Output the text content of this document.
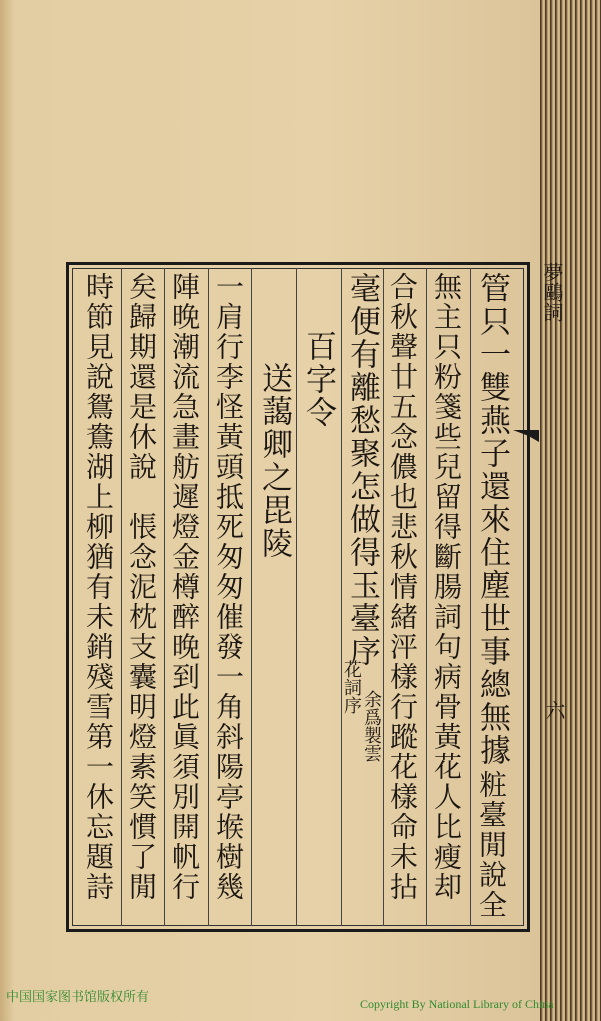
夢鷗詞
六
管只一雙燕子還來住塵世事總無據
粧臺閒說全
無主只粉箋些兒留得斷腸詞句病骨黃花人比瘦却
合秋聲廿五念儂也悲秋情緒泙樣行蹤花樣命未拈
毫便有離愁聚怎做得玉臺序
余爲製雲
花詞序
百字令
送藹卿之毘陵
一肩行李怪黃頭抵死匆匆催發一角斜陽亭堠樹幾
陣晚潮流急畫舫遲燈金樽醉晚到此眞須別開帆行
矣歸期還是休說　悵念泥枕支囊明燈素笑慣了閒
時節見說鴛鴦湖上柳猶有未銷殘雪第一休忘題詩
中国国家图书馆版权所有	Copyright By National Library of China
